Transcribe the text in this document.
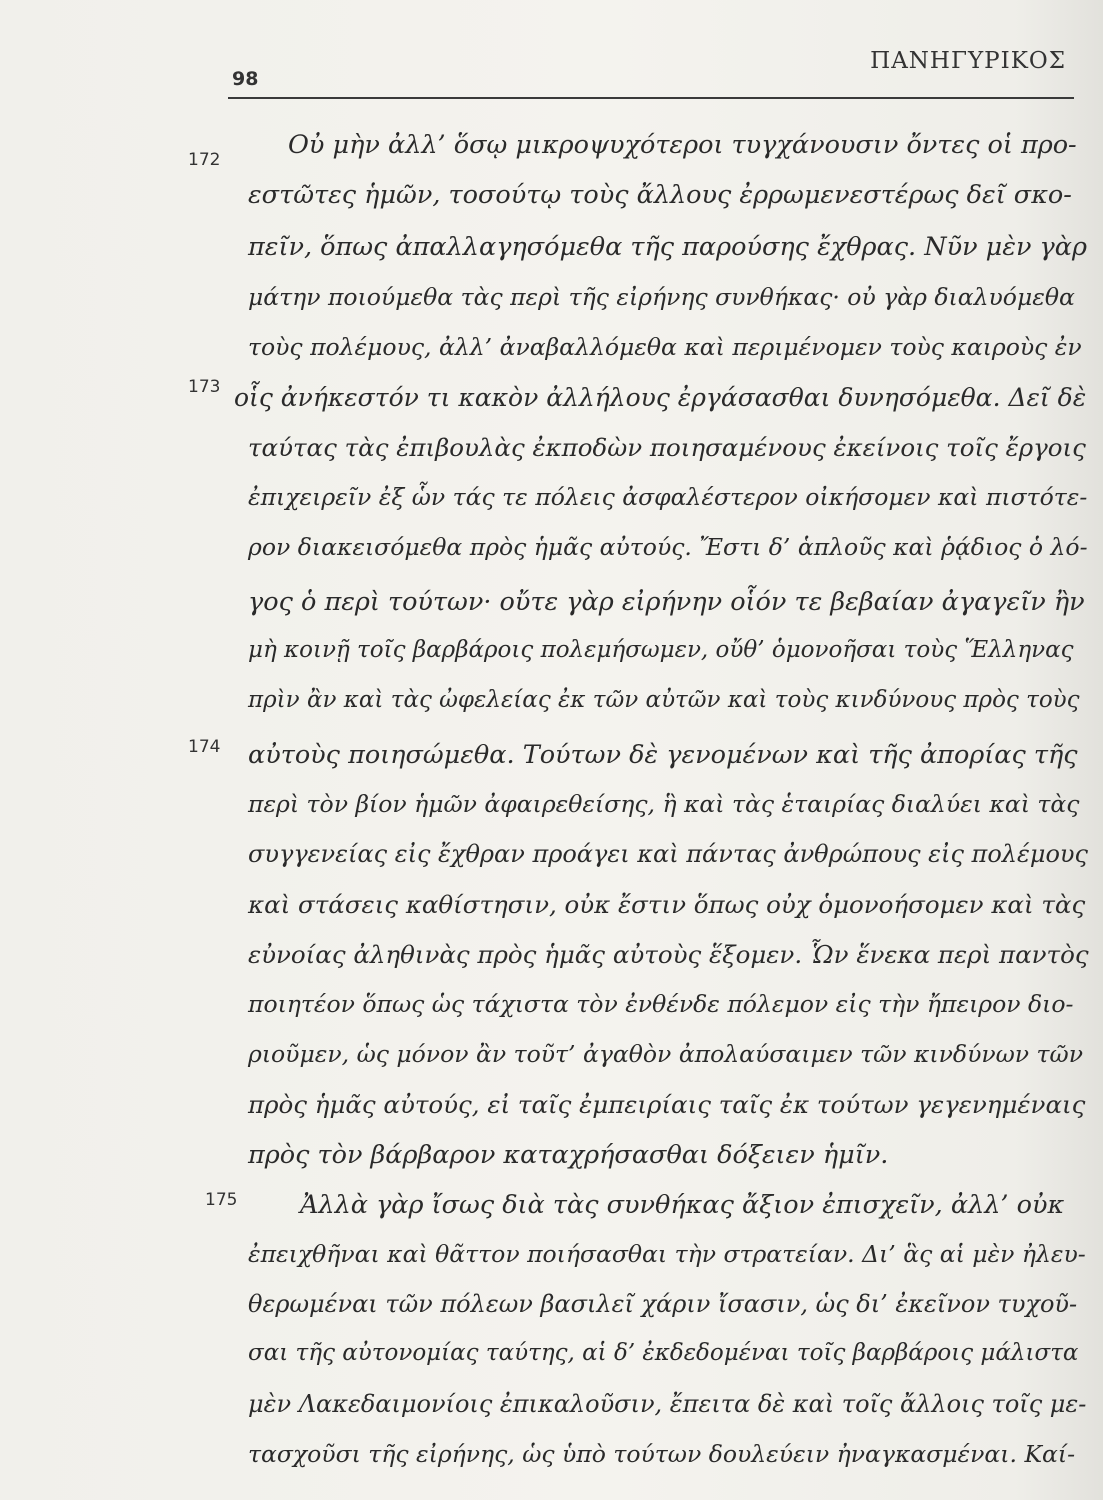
98
ΠΑΝΗΓΥΡΙΚΟΣ
172
173
174
175
Οὐ μὴν ἀλλ’ ὅσῳ μικροψυχότεροι τυγχάνουσιν ὄντες οἱ προ-
εστῶτες ἡμῶν, τοσούτῳ τοὺς ἄλλους ἐρρωμενεστέρως δεῖ σκο-
πεῖν, ὅπως ἀπαλλαγησόμεθα τῆς παρούσης ἔχθρας. Νῦν μὲν γὰρ
μάτην ποιούμεθα τὰς περὶ τῆς εἰρήνης συνθήκας· οὐ γὰρ διαλυόμεθα
τοὺς πολέμους, ἀλλ’ ἀναβαλλόμεθα καὶ περιμένομεν τοὺς καιροὺς ἐν
οἷς ἀνήκεστόν τι κακὸν ἀλλήλους ἐργάσασθαι δυνησόμεθα. Δεῖ δὲ
ταύτας τὰς ἐπιβουλὰς ἐκποδὼν ποιησαμένους ἐκείνοις τοῖς ἔργοις
ἐπιχειρεῖν ἐξ ὧν τάς τε πόλεις ἀσφαλέστερον οἰκήσομεν καὶ πιστότε-
ρον διακεισόμεθα πρὸς ἡμᾶς αὐτούς. Ἔστι δ’ ἁπλοῦς καὶ ῥᾴδιος ὁ λό-
γος ὁ περὶ τούτων· οὔτε γὰρ εἰρήνην οἷόν τε βεβαίαν ἀγαγεῖν ἢν
μὴ κοινῇ τοῖς βαρβάροις πολεμήσωμεν, οὔθ’ ὁμονοῆσαι τοὺς Ἕλληνας
πρὶν ἂν καὶ τὰς ὠφελείας ἐκ τῶν αὐτῶν καὶ τοὺς κινδύνους πρὸς τοὺς
αὐτοὺς ποιησώμεθα. Τούτων δὲ γενομένων καὶ τῆς ἀπορίας τῆς
περὶ τὸν βίον ἡμῶν ἀφαιρεθείσης, ἣ καὶ τὰς ἑταιρίας διαλύει καὶ τὰς
συγγενείας εἰς ἔχθραν προάγει καὶ πάντας ἀνθρώπους εἰς πολέμους
καὶ στάσεις καθίστησιν, οὐκ ἔστιν ὅπως οὐχ ὁμονοήσομεν καὶ τὰς
εὐνοίας ἀληθινὰς πρὸς ἡμᾶς αὐτοὺς ἕξομεν. Ὧν ἕνεκα περὶ παντὸς
ποιητέον ὅπως ὡς τάχιστα τὸν ἐνθένδε πόλεμον εἰς τὴν ἤπειρον διο-
ριοῦμεν, ὡς μόνον ἂν τοῦτ’ ἀγαθὸν ἀπολαύσαιμεν τῶν κινδύνων τῶν
πρὸς ἡμᾶς αὐτούς, εἰ ταῖς ἐμπειρίαις ταῖς ἐκ τούτων γεγενημέναις
πρὸς τὸν βάρβαρον καταχρήσασθαι δόξειεν ἡμῖν.
Ἀλλὰ γὰρ ἴσως διὰ τὰς συνθήκας ἄξιον ἐπισχεῖν, ἀλλ’ οὐκ
ἐπειχθῆναι καὶ θᾶττον ποιήσασθαι τὴν στρατείαν. Δι’ ἃς αἱ μὲν ἠλευ-
θερωμέναι τῶν πόλεων βασιλεῖ χάριν ἴσασιν, ὡς δι’ ἐκεῖνον τυχοῦ-
σαι τῆς αὐτονομίας ταύτης, αἱ δ’ ἐκδεδομέναι τοῖς βαρβάροις μάλιστα
μὲν Λακεδαιμονίοις ἐπικαλοῦσιν, ἔπειτα δὲ καὶ τοῖς ἄλλοις τοῖς με-
τασχοῦσι τῆς εἰρήνης, ὡς ὑπὸ τούτων δουλεύειν ἠναγκασμέναι. Καί-
